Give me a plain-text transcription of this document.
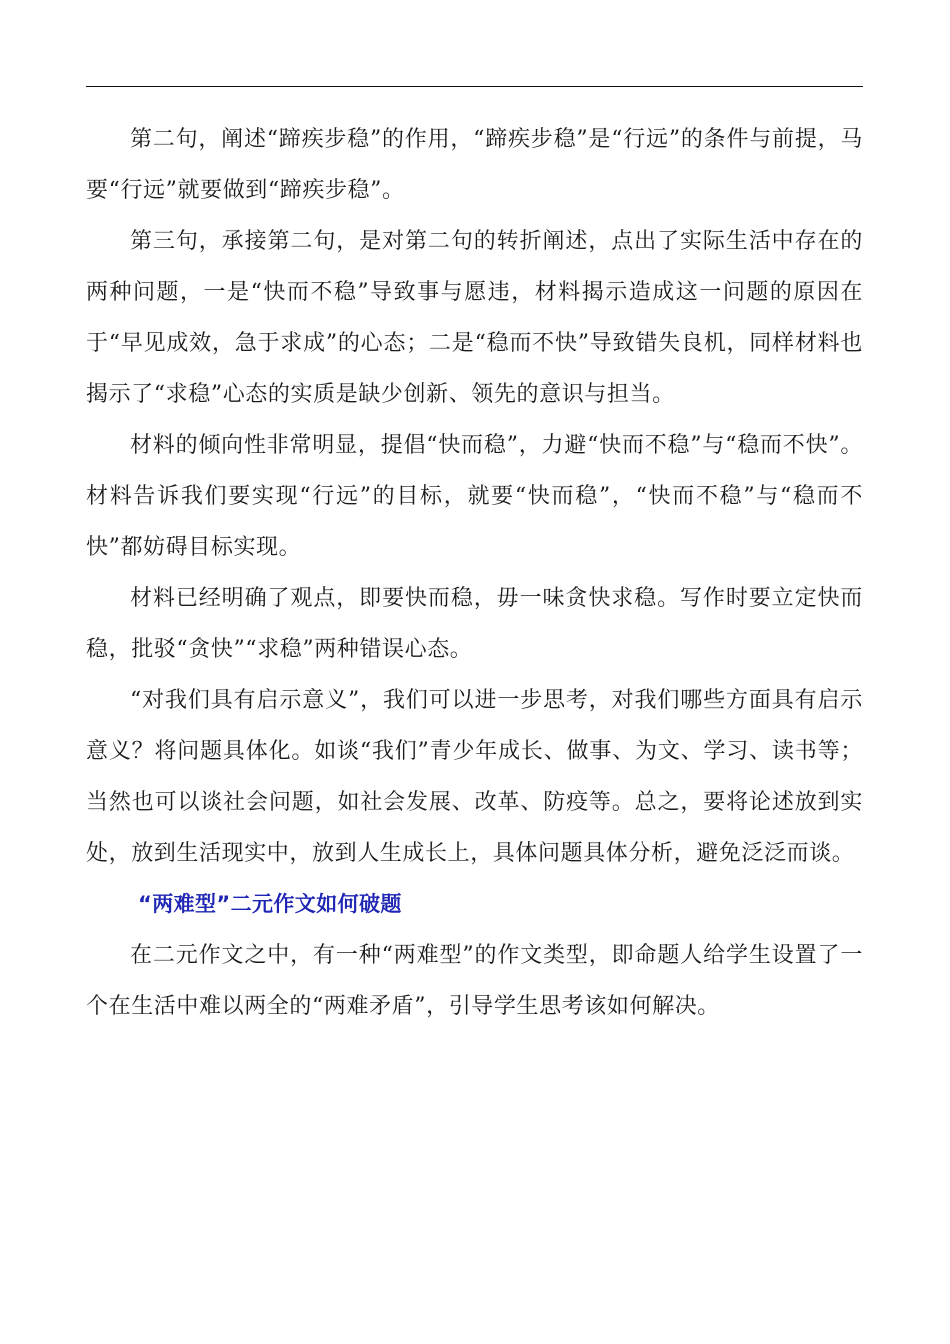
第二句，阐述“蹄疾步稳”的作用，“蹄疾步稳”是“行远”的条件与前提，马要“行远”就要做到“蹄疾步稳”。

第三句，承接第二句，是对第二句的转折阐述，点出了实际生活中存在的两种问题，一是“快而不稳”导致事与愿违，材料揭示造成这一问题的原因在于“早见成效，急于求成”的心态；二是“稳而不快”导致错失良机，同样材料也揭示了“求稳”心态的实质是缺少创新、领先的意识与担当。

材料的倾向性非常明显，提倡“快而稳”，力避“快而不稳”与“稳而不快”。材料告诉我们要实现“行远”的目标，就要“快而稳”，“快而不稳”与“稳而不快”都妨碍目标实现。

材料已经明确了观点，即要快而稳，毋一味贪快求稳。写作时要立定快而稳，批驳“贪快”“求稳”两种错误心态。

“对我们具有启示意义”，我们可以进一步思考，对我们哪些方面具有启示意义？将问题具体化。如谈“我们”青少年成长、做事、为文、学习、读书等；当然也可以谈社会问题，如社会发展、改革、防疫等。总之，要将论述放到实处，放到生活现实中，放到人生成长上，具体问题具体分析，避免泛泛而谈。

“两难型”二元作文如何破题

在二元作文之中，有一种“两难型”的作文类型，即命题人给学生设置了一个在生活中难以两全的“两难矛盾”，引导学生思考该如何解决。
